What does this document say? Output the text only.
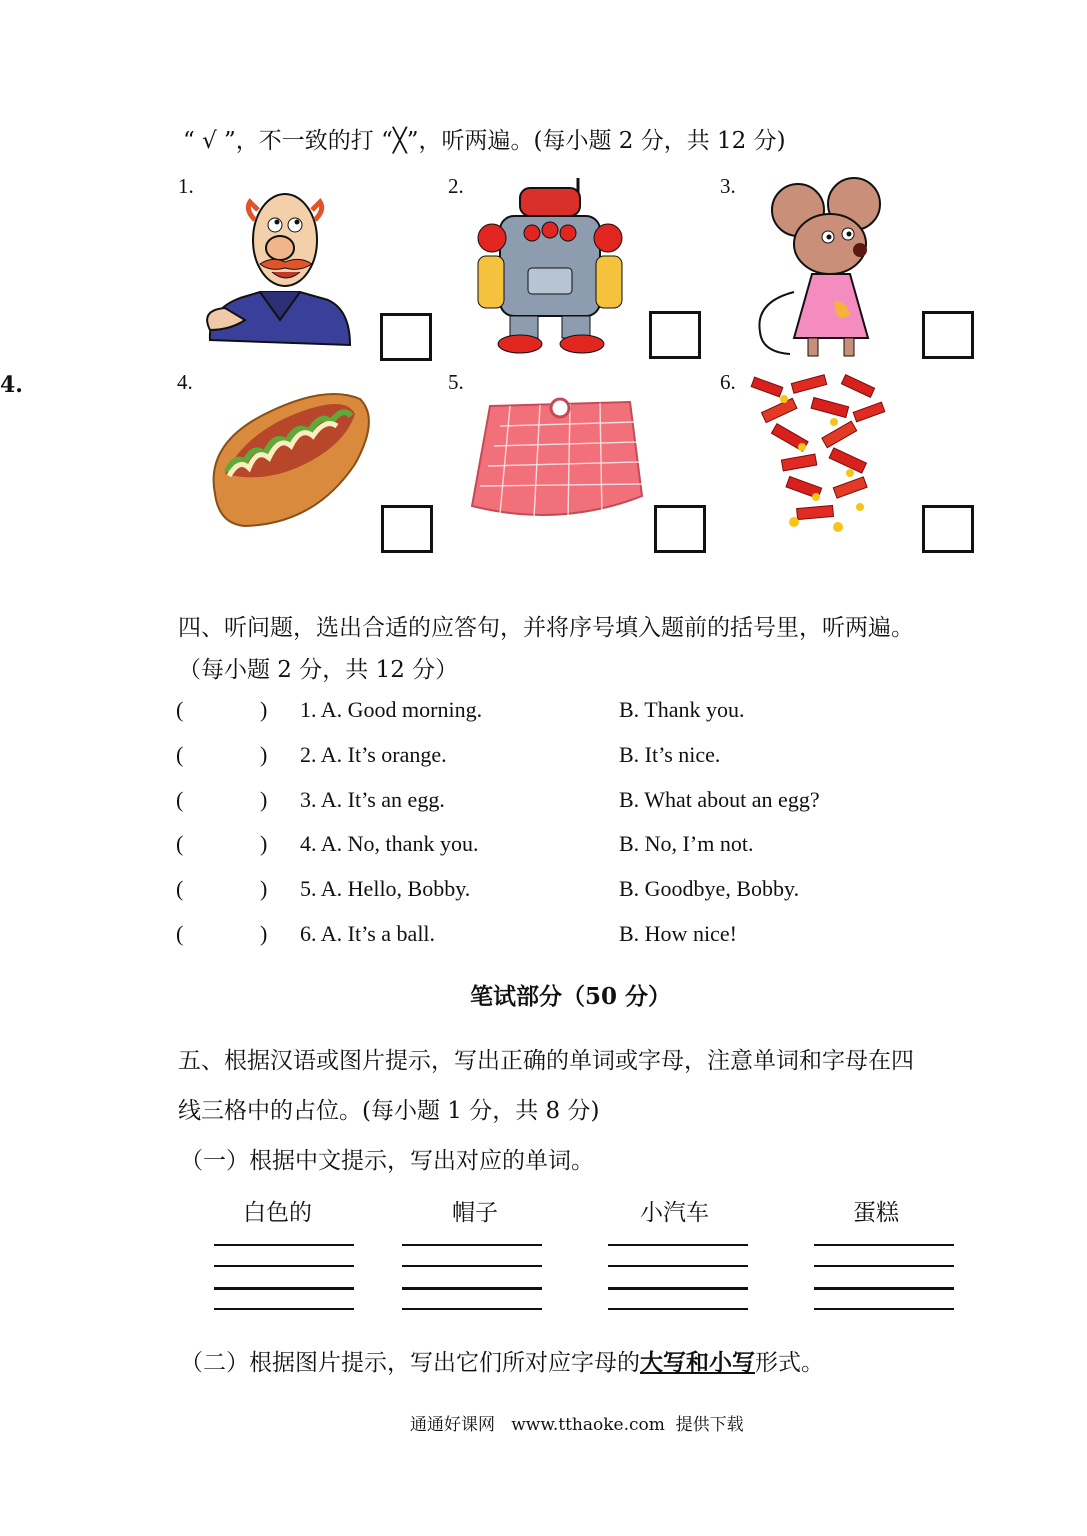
“ √ ”，不一致的打 “╳”，听两遍。(每小题 2 分，共 12 分)
4.
1.	2.	3.
4.	5.	6.
四、听问题，选出合适的应答句，并将序号填入题前的括号里，听两遍。
（每小题 2 分，共 12 分）
(	) 1. A. Good morning.	B. Thank you.
(	) 2. A. It’s orange.	B. It’s nice.
(	) 3. A. It’s an egg.	B. What about an egg?
(	) 4. A. No, thank you.	B. No, I’m not.
(	) 5. A. Hello, Bobby.	B. Goodbye, Bobby.
(	) 6. A. It’s a ball.	B. How nice!
笔试部分（50 分）
五、根据汉语或图片提示，写出正确的单词或字母，注意单词和字母在四
线三格中的占位。(每小题 1 分，共 8 分)
（一）根据中文提示，写出对应的单词。
白色的	帽子	小汽车	蛋糕
（二）根据图片提示，写出它们所对应字母的大写和小写形式。
通通好课网   www.tthaoke.com  提供下载
